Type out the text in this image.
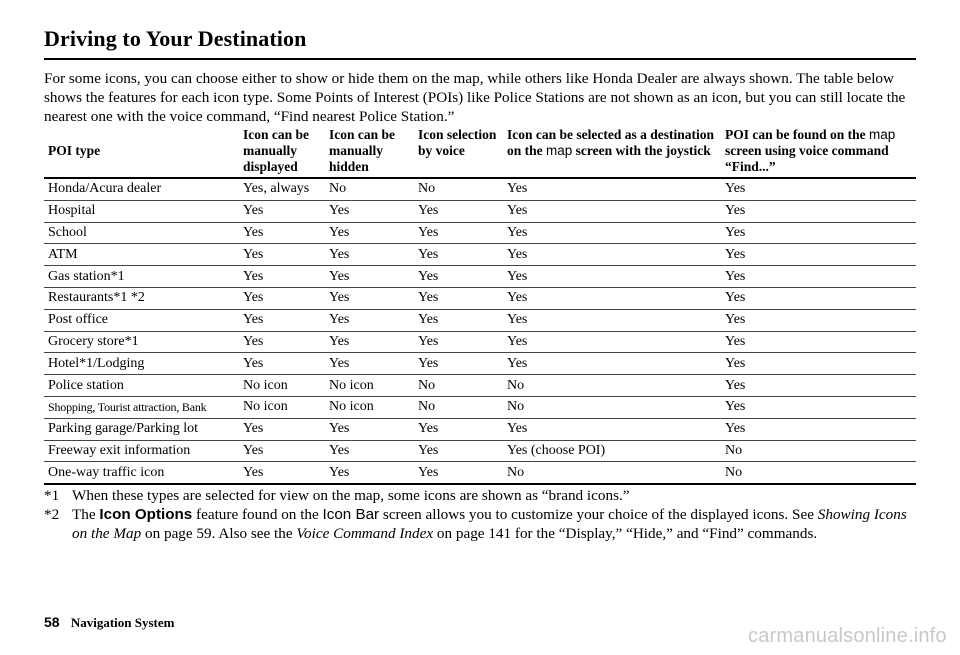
Driving to Your Destination

For some icons, you can choose either to show or hide them on the map, while others like Honda Dealer are always shown. The table below shows the features for each icon type. Some Points of Interest (POIs) like Police Stations are not shown as an icon, but you can still locate the nearest one with the voice command, “Find nearest Police Station.”

POI type	Icon can be manually displayed	Icon can be manually hidden	Icon selection by voice	Icon can be selected as a destination on the map screen with the joystick	POI can be found on the map screen using voice command “Find...”
Honda/Acura dealer	Yes, always	No	No	Yes	Yes
Hospital	Yes	Yes	Yes	Yes	Yes
School	Yes	Yes	Yes	Yes	Yes
ATM	Yes	Yes	Yes	Yes	Yes
Gas station*1	Yes	Yes	Yes	Yes	Yes
Restaurants*1 *2	Yes	Yes	Yes	Yes	Yes
Post office	Yes	Yes	Yes	Yes	Yes
Grocery store*1	Yes	Yes	Yes	Yes	Yes
Hotel*1/Lodging	Yes	Yes	Yes	Yes	Yes
Police station	No icon	No icon	No	No	Yes
Shopping, Tourist attraction, Bank	No icon	No icon	No	No	Yes
Parking garage/Parking lot	Yes	Yes	Yes	Yes	Yes
Freeway exit information	Yes	Yes	Yes	Yes (choose POI)	No
One-way traffic icon	Yes	Yes	Yes	No	No
*1 When these types are selected for view on the map, some icons are shown as “brand icons.”
*2 The Icon Options feature found on the Icon Bar screen allows you to customize your choice of the displayed icons. See Showing Icons on the Map on page 59. Also see the Voice Command Index on page 141 for the “Display,” “Hide,” and “Find” commands.
58 Navigation System
carmanualsonline.info
